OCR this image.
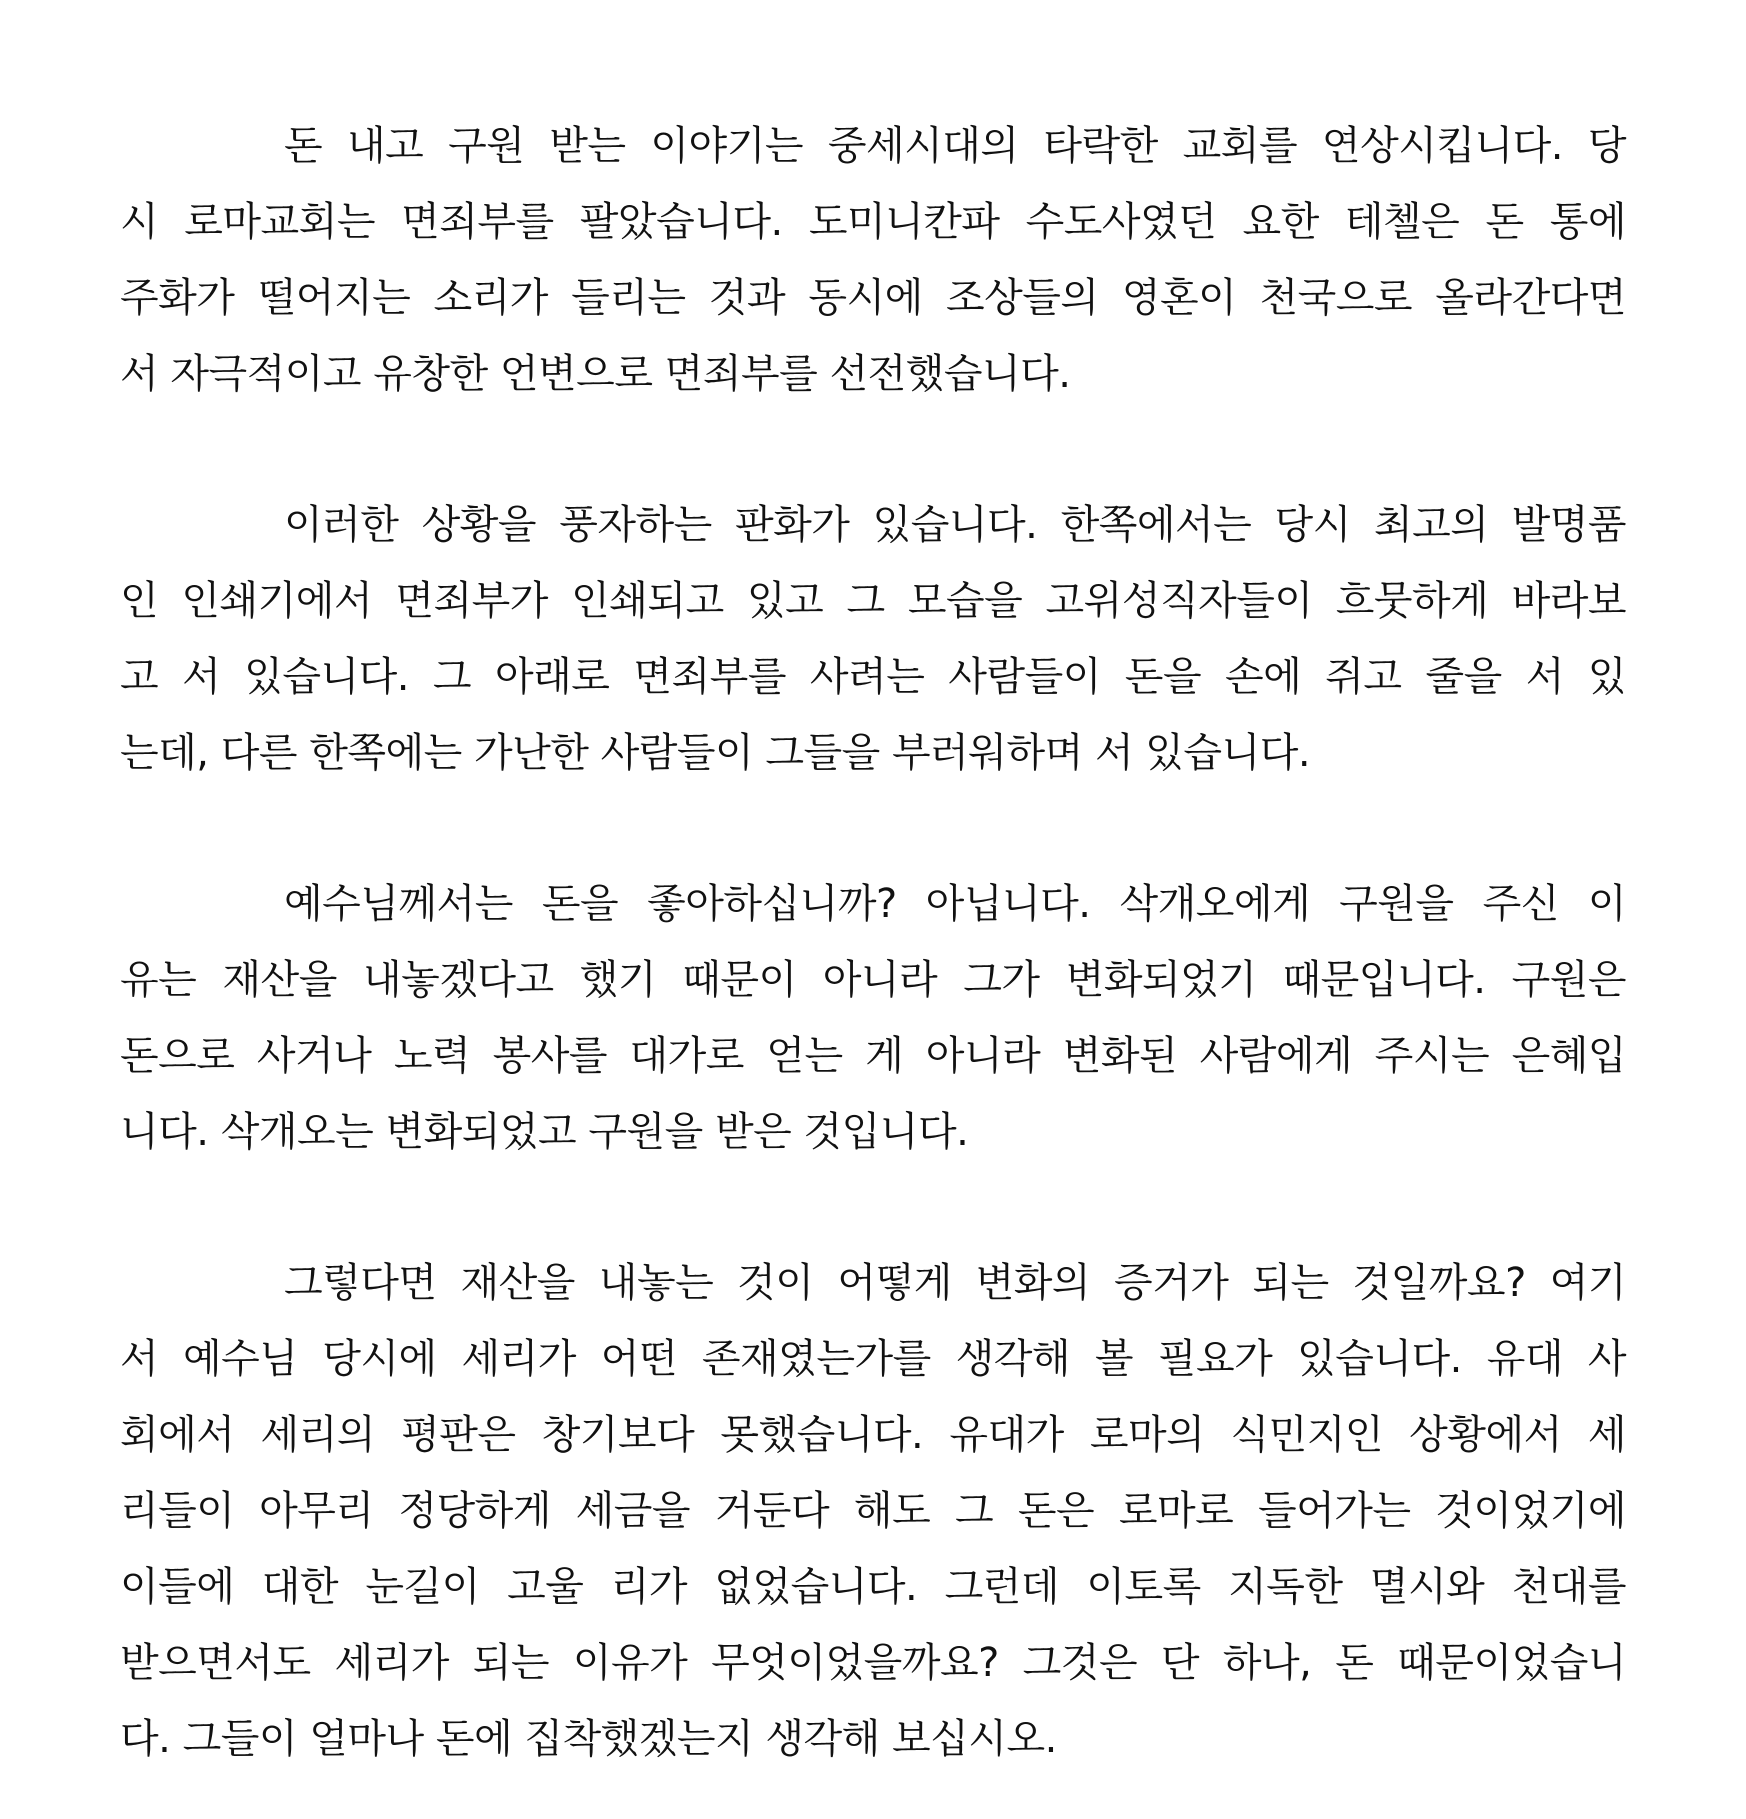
돈 내고 구원 받는 이야기는 중세시대의 타락한 교회를 연상시킵니다. 당
시 로마교회는 면죄부를 팔았습니다. 도미니칸파 수도사였던 요한 테첼은 돈 통에
주화가 떨어지는 소리가 들리는 것과 동시에 조상들의 영혼이 천국으로 올라간다면
서 자극적이고 유창한 언변으로 면죄부를 선전했습니다.
이러한 상황을 풍자하는 판화가 있습니다. 한쪽에서는 당시 최고의 발명품
인 인쇄기에서 면죄부가 인쇄되고 있고 그 모습을 고위성직자들이 흐뭇하게 바라보
고 서 있습니다. 그 아래로 면죄부를 사려는 사람들이 돈을 손에 쥐고 줄을 서 있
는데, 다른 한쪽에는 가난한 사람들이 그들을 부러워하며 서 있습니다.
예수님께서는 돈을 좋아하십니까? 아닙니다. 삭개오에게 구원을 주신 이
유는 재산을 내놓겠다고 했기 때문이 아니라 그가 변화되었기 때문입니다. 구원은
돈으로 사거나 노력 봉사를 대가로 얻는 게 아니라 변화된 사람에게 주시는 은혜입
니다. 삭개오는 변화되었고 구원을 받은 것입니다.
그렇다면 재산을 내놓는 것이 어떻게 변화의 증거가 되는 것일까요? 여기
서 예수님 당시에 세리가 어떤 존재였는가를 생각해 볼 필요가 있습니다. 유대 사
회에서 세리의 평판은 창기보다 못했습니다. 유대가 로마의 식민지인 상황에서 세
리들이 아무리 정당하게 세금을 거둔다 해도 그 돈은 로마로 들어가는 것이었기에
이들에 대한 눈길이 고울 리가 없었습니다. 그런데 이토록 지독한 멸시와 천대를
받으면서도 세리가 되는 이유가 무엇이었을까요? 그것은 단 하나, 돈 때문이었습니
다. 그들이 얼마나 돈에 집착했겠는지 생각해 보십시오.
